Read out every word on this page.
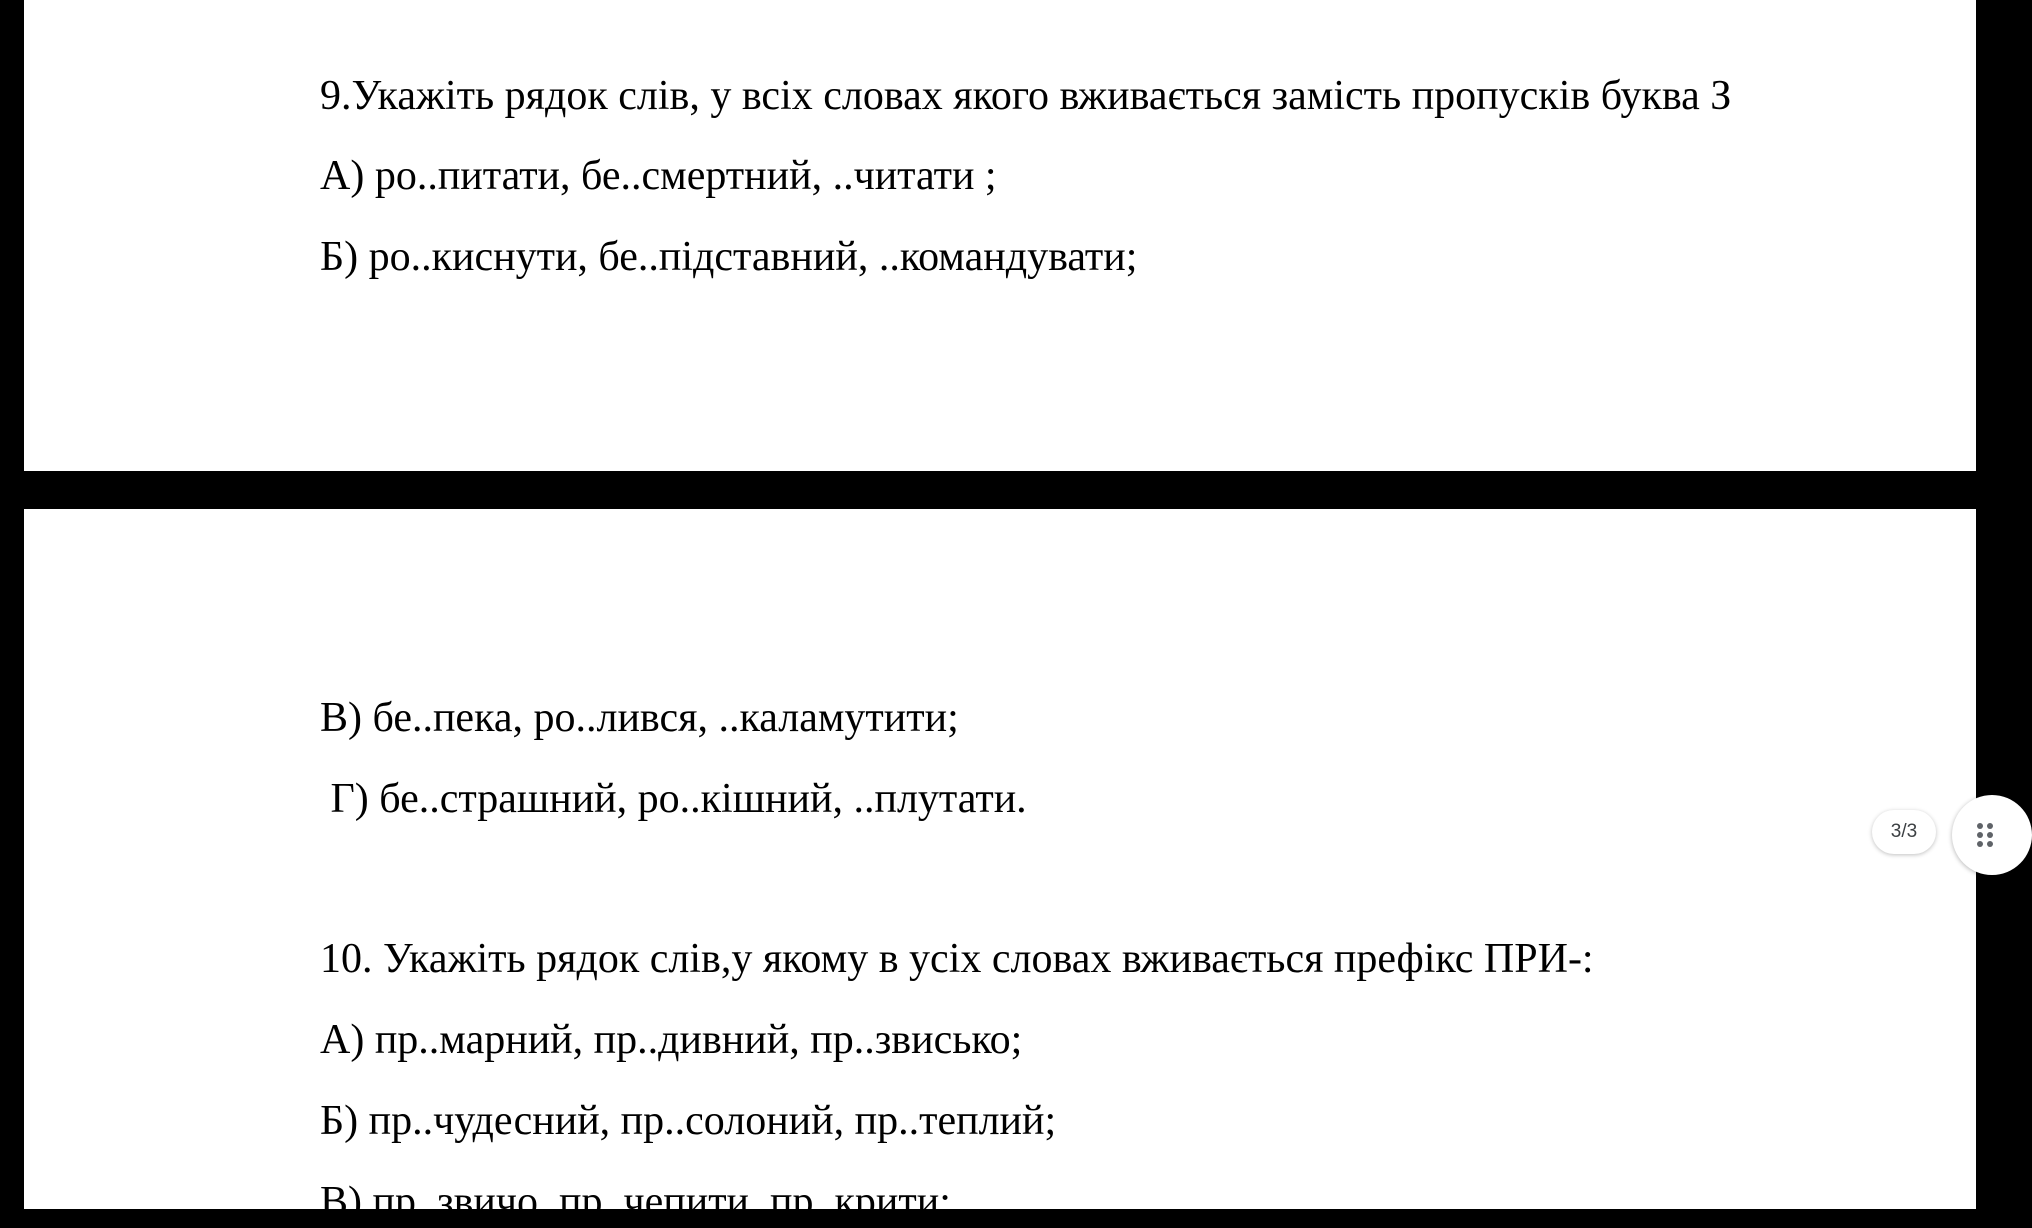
9.Укажіть рядок слів, у всіх словах якого вживається замість пропусків буква З

А) ро..питати, бе..смертний, ..читати ;

Б) ро..киснути, бе..підставний, ..командувати;

В) бе..пека, ро..лився, ..каламутити;

Г) бе..страшний, ро..кішний, ..плутати.

10. Укажіть рядок слів,у якому в усіх словах вживається префікс ПРИ-:

А) пр..марний, пр..дивний, пр..звисько;

Б) пр..чудесний, пр..солоний, пр..теплий;

В) пр..звичо, пр..чепити, пр..крити;

3/3
